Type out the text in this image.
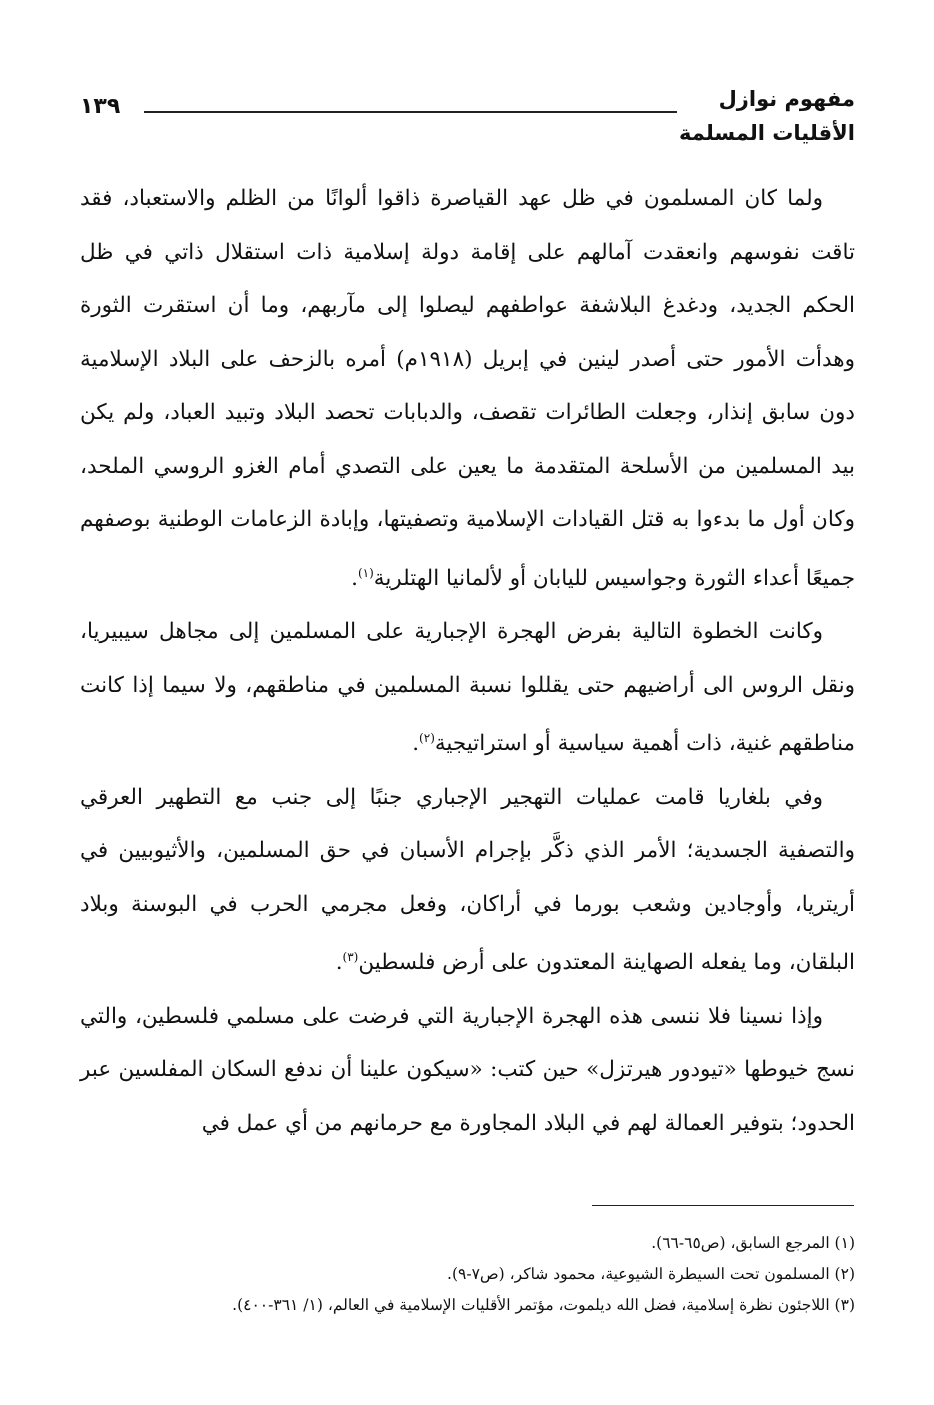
مفهوم نوازل
الأقليات المسلمة
١٣٩

ولما كان المسلمون في ظل عهد القياصرة ذاقوا ألوانًا من الظلم والاستعباد، فقد تاقت نفوسهم وانعقدت آمالهم على إقامة دولة إسلامية ذات استقلال ذاتي في ظل الحكم الجديد، ودغدغ البلاشفة عواطفهم ليصلوا إلى مآربهم، وما أن استقرت الثورة وهدأت الأمور حتى أصدر لينين في إبريل (١٩١٨م) أمره بالزحف على البلاد الإسلامية دون سابق إنذار، وجعلت الطائرات تقصف، والدبابات تحصد البلاد وتبيد العباد، ولم يكن بيد المسلمين من الأسلحة المتقدمة ما يعين على التصدي أمام الغزو الروسي الملحد، وكان أول ما بدءوا به قتل القيادات الإسلامية وتصفيتها، وإبادة الزعامات الوطنية بوصفهم جميعًا أعداء الثورة وجواسيس لليابان أو لألمانيا الهتلرية$^{(١)}$.

وكانت الخطوة التالية بفرض الهجرة الإجبارية على المسلمين إلى مجاهل سيبيريا، ونقل الروس الى أراضيهم حتى يقللوا نسبة المسلمين في مناطقهم، ولا سيما إذا كانت مناطقهم غنية، ذات أهمية سياسية أو استراتيجية$^{(٢)}$.

وفي بلغاريا قامت عمليات التهجير الإجباري جنبًا إلى جنب مع التطهير العرقي والتصفية الجسدية؛ الأمر الذي ذكَّر بإجرام الأسبان في حق المسلمين، والأثيوبيين في أريتريا، وأوجادين وشعب بورما في أراكان، وفعل مجرمي الحرب في البوسنة وبلاد البلقان، وما يفعله الصهاينة المعتدون على أرض فلسطين$^{(٣)}$.

وإذا نسينا فلا ننسى هذه الهجرة الإجبارية التي فرضت على مسلمي فلسطين، والتي نسج خيوطها «تيودور هيرتزل» حين كتب: «سيكون علينا أن ندفع السكان المفلسين عبر الحدود؛ بتوفير العمالة لهم في البلاد المجاورة مع حرمانهم من أي عمل في

(١) المرجع السابق، (ص٦٥-٦٦).

(٢) المسلمون تحت السيطرة الشيوعية، محمود شاكر، (ص٧-٩).

(٣) اللاجئون نظرة إسلامية، فضل الله ديلموت، مؤتمر الأقليات الإسلامية في العالم، (١/ ٣٦١-٤٠٠).
